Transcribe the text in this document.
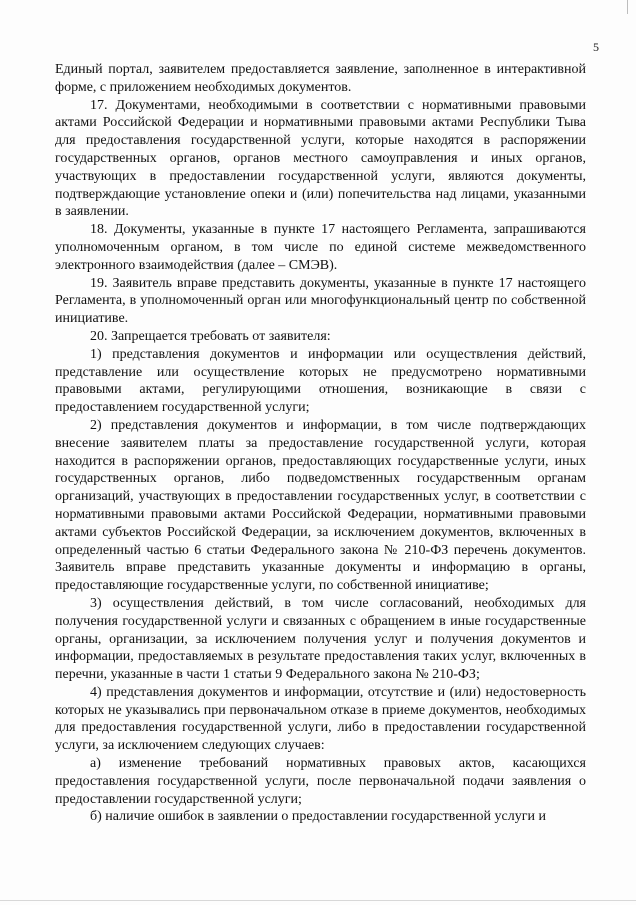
5

Единый портал, заявителем предоставляется заявление, заполненное в интерактивной форме, с приложением необходимых документов.

17. Документами, необходимыми в соответствии с нормативными правовыми актами Российской Федерации и нормативными правовыми актами Республики Тыва для предоставления государственной услуги, которые находятся в распоряжении государственных органов, органов местного самоуправления и иных органов, участвующих в предоставлении государственной услуги, являются документы, подтверждающие установление опеки и (или) попечительства над лицами, указанными в заявлении.

18. Документы, указанные в пункте 17 настоящего Регламента, запрашиваются уполномоченным органом, в том числе по единой системе межведомственного электронного взаимодействия (далее – СМЭВ).

19. Заявитель вправе представить документы, указанные в пункте 17 настоящего Регламента, в уполномоченный орган или многофункциональный центр по собственной инициативе.

20. Запрещается требовать от заявителя:

1) представления документов и информации или осуществления действий, представление или осуществление которых не предусмотрено нормативными правовыми актами, регулирующими отношения, возникающие в связи с предоставлением государственной услуги;

2) представления документов и информации, в том числе подтверждающих внесение заявителем платы за предоставление государственной услуги, которая находится в распоряжении органов, предоставляющих государственные услуги, иных государственных органов, либо подведомственных государственным органам организаций, участвующих в предоставлении государственных услуг, в соответствии с нормативными правовыми актами Российской Федерации, нормативными правовыми актами субъектов Российской Федерации, за исключением документов, включенных в определенный частью 6 статьи Федерального закона № 210-ФЗ перечень документов. Заявитель вправе представить указанные документы и информацию в органы, предоставляющие государственные услуги, по собственной инициативе;

3) осуществления действий, в том числе согласований, необходимых для получения государственной услуги и связанных с обращением в иные государственные органы, организации, за исключением получения услуг и получения документов и информации, предоставляемых в результате предоставления таких услуг, включенных в перечни, указанные в части 1 статьи 9 Федерального закона № 210-ФЗ;

4) представления документов и информации, отсутствие и (или) недостоверность которых не указывались при первоначальном отказе в приеме документов, необходимых для предоставления государственной услуги, либо в предоставлении государственной услуги, за исключением следующих случаев:

а) изменение требований нормативных правовых актов, касающихся предоставления государственной услуги, после первоначальной подачи заявления о предоставлении государственной услуги;

б) наличие ошибок в заявлении о предоставлении государственной услуги и
